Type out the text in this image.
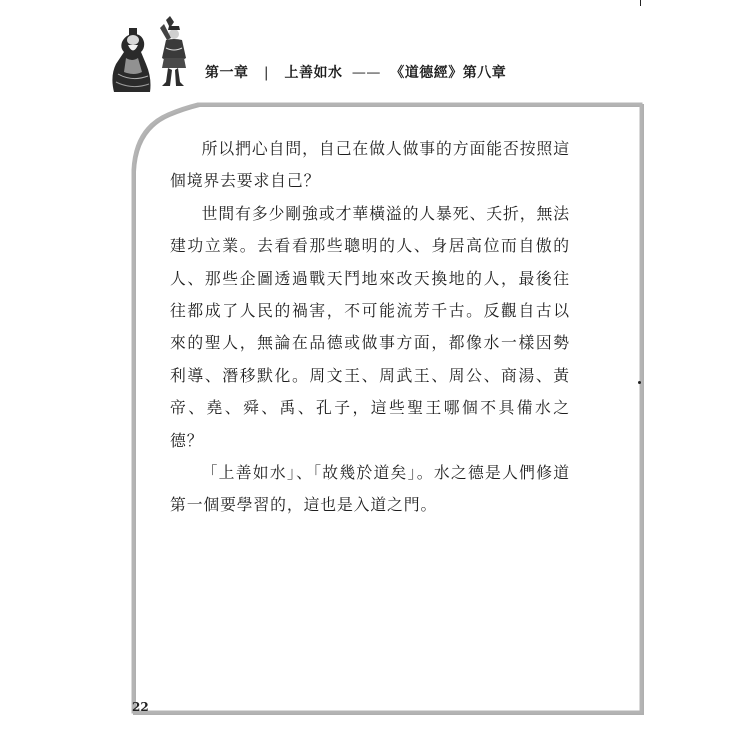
第一章 | 上善如水 —— 《道德經》第八章

所以捫心自問，自己在做人做事的方面能否按照這個境界去要求自己？

世間有多少剛強或才華橫溢的人暴死、夭折，無法建功立業。去看看那些聰明的人、身居高位而自傲的人、那些企圖透過戰天鬥地來改天換地的人，最後往往都成了人民的禍害，不可能流芳千古。反觀自古以來的聖人，無論在品德或做事方面，都像水一樣因勢利導、潛移默化。周文王、周武王、周公、商湯、黃帝、堯、舜、禹、孔子，這些聖王哪個不具備水之德？

「上善如水」、「故幾於道矣」。水之德是人們修道第一個要學習的，這也是入道之門。

22
